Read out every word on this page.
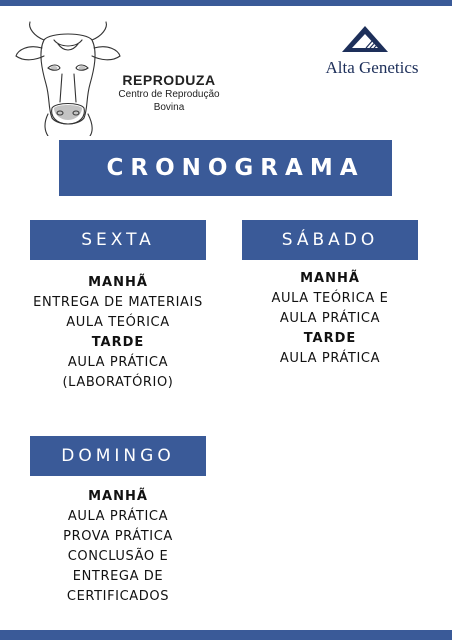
REPRODUZA
Centro de Reprodução
Bovina
Alta Genetics
CRONOGRAMA
SEXTA
MANHÃ
ENTREGA DE MATERIAIS
AULA TEÓRICA
TARDE
AULA PRÁTICA
(LABORATÓRIO)
SÁBADO
MANHÃ
AULA TEÓRICA E
AULA PRÁTICA
TARDE
AULA PRÁTICA
DOMINGO
MANHÃ
AULA PRÁTICA
PROVA PRÁTICA
CONCLUSÃO E
ENTREGA DE
CERTIFICADOS
